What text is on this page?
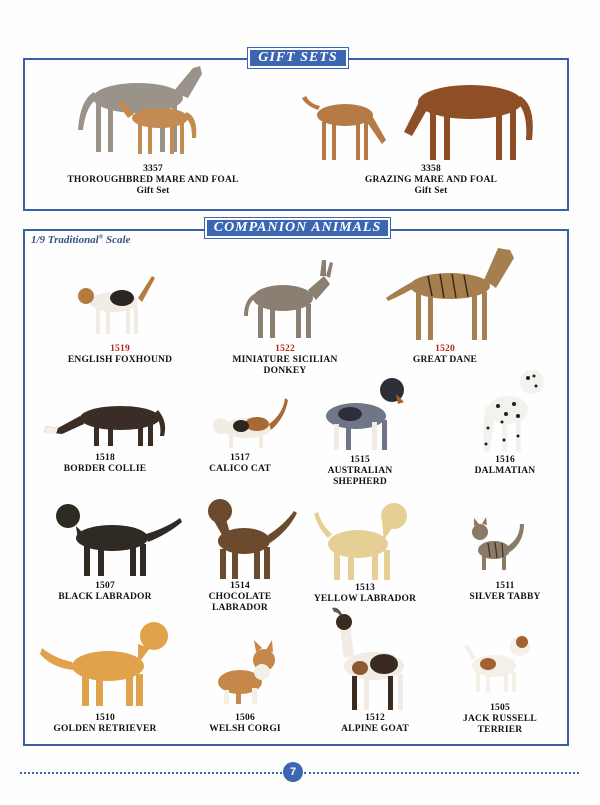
GIFT SETS
3357
THOROUGHBRED MARE AND FOAL
Gift Set
3358
GRAZING MARE AND FOAL
Gift Set
COMPANION ANIMALS
1/9 Traditional® Scale
1519
ENGLISH FOXHOUND
1522
MINIATURE SICILIAN
DONKEY
1520
GREAT DANE
1518
BORDER COLLIE
1517
CALICO CAT
1515
AUSTRALIAN
SHEPHERD
1516
DALMATIAN
1507
BLACK LABRADOR
1514
CHOCOLATE
LABRADOR
1513
YELLOW LABRADOR
1511
SILVER TABBY
1510
GOLDEN RETRIEVER
1506
WELSH CORGI
1512
ALPINE GOAT
1505
JACK RUSSELL
TERRIER
7
